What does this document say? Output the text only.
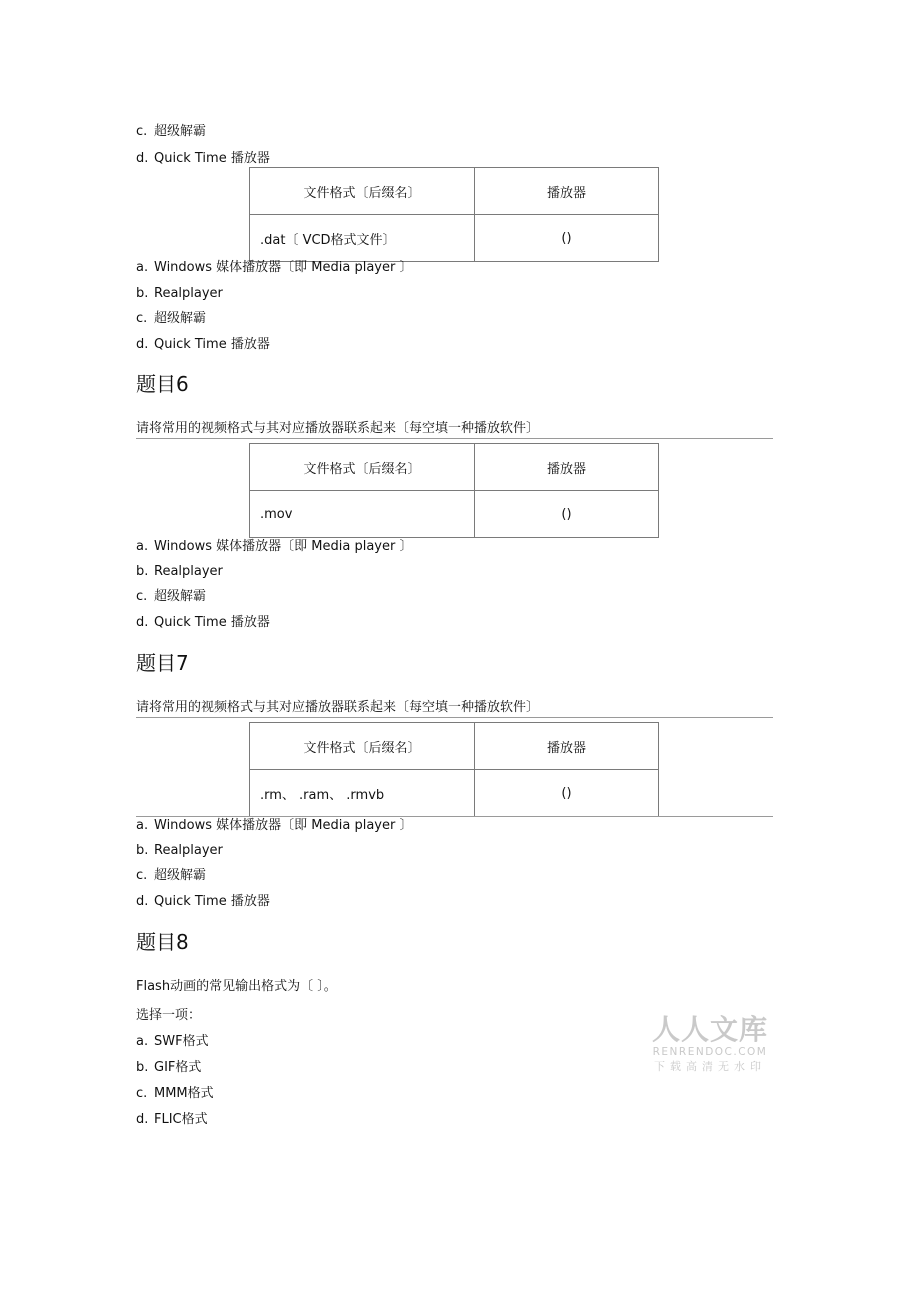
c. 超级解霸
d. Quick Time 播放器
文件格式〔后缀名〕	播放器
.dat〔 VCD格式文件〕	()
a. Windows 媒体播放器〔即 Media player 〕
b. Realplayer
c. 超级解霸
d. Quick Time 播放器
题目6
请将常用的视频格式与其对应播放器联系起来〔每空填一种播放软件〕
文件格式〔后缀名〕	播放器
.mov	()
a. Windows 媒体播放器〔即 Media player 〕
b. Realplayer
c. 超级解霸
d. Quick Time 播放器
题目7
请将常用的视频格式与其对应播放器联系起来〔每空填一种播放软件〕
文件格式〔后缀名〕	播放器
.rm、 .ram、 .rmvb	()
a. Windows 媒体播放器〔即 Media player 〕
b. Realplayer
c. 超级解霸
d. Quick Time 播放器
题目8
Flash动画的常见输出格式为〔 〕。
选择一项：
a. SWF格式
b. GIF格式
c. MMM格式
d. FLIC格式
人人文库
RENRENDOC.COM
下载高清无水印
